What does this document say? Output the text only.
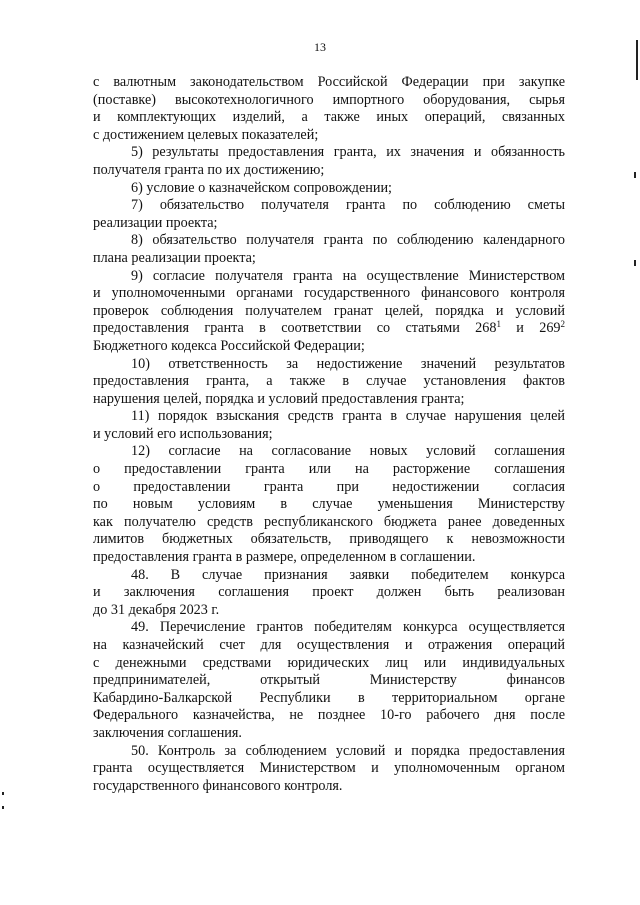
13
с валютным законодательством Российской Федерации при закупке
(поставке) высокотехнологичного импортного оборудования, сырья
и комплектующих изделий, а также иных операций, связанных
с достижением целевых показателей;
5) результаты предоставления гранта, их значения и обязанность
получателя гранта по их достижению;
6) условие о казначейском сопровождении;
7) обязательство получателя гранта по соблюдению сметы
реализации проекта;
8) обязательство получателя гранта по соблюдению календарного
плана реализации проекта;
9) согласие получателя гранта на осуществление Министерством
и уполномоченными органами государственного финансового контроля
проверок соблюдения получателем гранат целей, порядка и условий
предоставления гранта в соответствии со статьями $268^1$ и $269^2$
Бюджетного кодекса Российской Федерации;
10) ответственность за недостижение значений результатов
предоставления гранта, а также в случае установления фактов
нарушения целей, порядка и условий предоставления гранта;
11) порядок взыскания средств гранта в случае нарушения целей
и условий его использования;
12) согласие на согласование новых условий соглашения
о предоставлении гранта или на расторжение соглашения
о предоставлении гранта при недостижении согласия
по новым условиям в случае уменьшения Министерству
как получателю средств республиканского бюджета ранее доведенных
лимитов бюджетных обязательств, приводящего к невозможности
предоставления гранта в размере, определенном в соглашении.
48. В случае признания заявки победителем конкурса
и заключения соглашения проект должен быть реализован
до 31 декабря 2023 г.
49. Перечисление грантов победителям конкурса осуществляется
на казначейский счет для осуществления и отражения операций
с денежными средствами юридических лиц или индивидуальных
предпринимателей, открытый Министерству финансов
Кабардино-Балкарской Республики в территориальном органе
Федерального казначейства, не позднее 10-го рабочего дня после
заключения соглашения.
50. Контроль за соблюдением условий и порядка предоставления
гранта осуществляется Министерством и уполномоченным органом
государственного финансового контроля.
